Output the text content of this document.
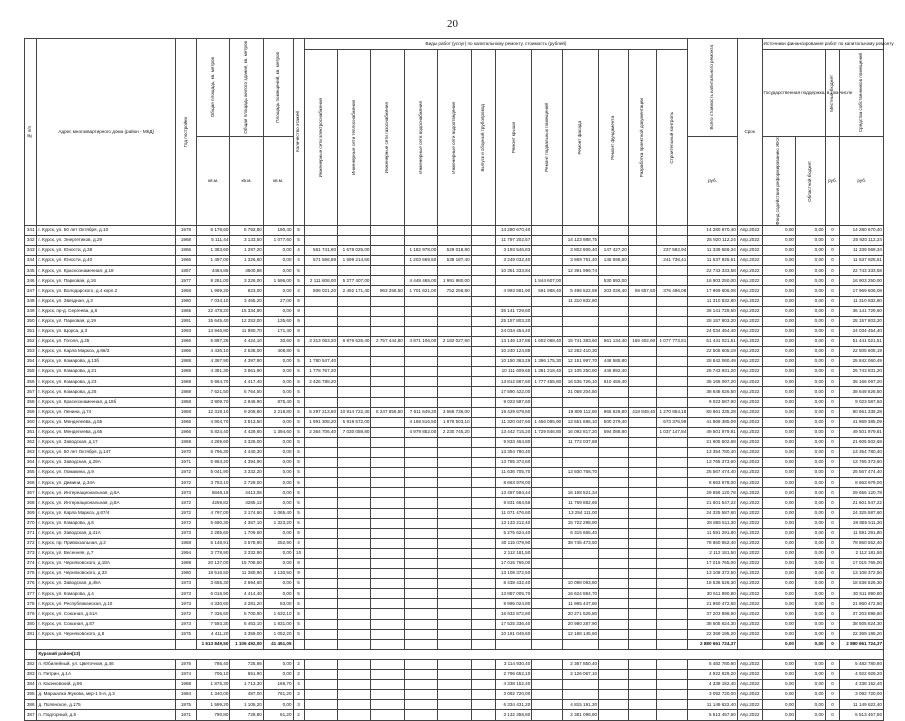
20
№ п/п	Адрес многоквартирного дома (район - МКД)	Год постройки	Общая площадь, кв. метров	Общая площадь жилого здания, кв. метров	Площадь помещений, кв. метров	Количество этажей	Виды работ (услуг) по капитальному ремонту, стоимость (рублей)												Всего стоимость капитального ремонта	Срок	Источники финансирования работ по капитальному ремонту			

							Инженерные сети электроснабжения	Инженерные сети теплоснабжения	Инженерные сети газоснабжения	Инженерные сети водоснабжения	Инженерные сети водоотведения	Выпуск и сборный трубопровод	Ремонт крыши	Ремонт подвальных помещений	Ремонт фасада	Ремонт фундамента	Разработка проектной документации	Строительный контроль			Государственная поддержка, в том числе		Местный бюджет	Средства собственников помещений

			кв.м.	кв.м.	кв.м.														руб.		Фонд содействия реформированию ЖКХ	Областной бюджет	руб.	руб.
341	г. Курск, ул. 50 лет Октября, д.10	1978	6 178,60	5 792,80	190,40	5							14 280 670,40						14 280 670,40	Апр.2022	0,00	0,00	0	14 280 670,40
342	г. Курск, ул. Энергетиков, д.29	1968	5 111,44	3 133,50	1 077,60	5							11 797 202,57		14 123 988,75				25 920 112,24	Апр.2022	0,00	0,00	0	25 920 112,24
343	г. Курск, ул. Юности, д.38	1966	1 383,60	1 297,20	0,00	4	561 741,60	1 678 025,00		1 182 978,00	529 018,80		3 193 546,83		3 802 806,40	147 427,20		237 582,94	11 339 569,34	Апр.2022	0,00	0,00	0	11 339 569,34
344	г. Курск, ул. Юности, д.40	1966	1 497,00	1 326,60	0,00	4	571 566,89	1 699 214,60		1 203 669,50	538 187,40		3 249 032,40		3 869 751,40	145 595,60		241 736,41	11 537 925,61	Апр.2022	0,00	0,00	0	11 537 925,61
345	г. Курск, ул. Краснознаменная, д.18	1957	4484,86	3500,98	0,00	5							10 351 333,84		12 391 999,74				22 743 333,58	Апр.2022	0,00	0,00	0	22 743 333,58
346	г. Курск, ул. Парковая, д.16	1977	8 281,00	3 226,00	1 596,00	5	2 111 606,00	5 277 407,00		4 448 465,00	1 991 980,00			1 544 607,00		530 592,00			16 903 250,00	Апр.2022	0,00	0,00	0	16 903 250,00
347	г. Курск, ул. Володарского, д.4 корп.2	1958	1 999,20	823,00	0,00	4	808 021,20	2 492 171,40	963 256,50	1 701 621,00	752 258,80		4 993 581,90	591 988,40	5 496 522,68	203 036,40	59 657,50	376 496,08	17 969 606,08	Апр.2022	0,00	0,00	0	17 969 606,08
348	г. Курск, ул. Звездная, д.3	1980	7 034,10	3 455,20	27,00	5									11 310 832,80				11 310 832,80	Апр.2022	0,00	0,00	0	11 310 832,80
349	г. Курск, пр-д. Сергеева, д.6	1965	22 478,20	15 334,90	0,00	9							36 141 729,60						36 141 729,60	Апр.2022	0,00	0,00	0	36 141 729,60
350	г. Курск, ул. Парковая, д.19	1991	15 645,40	12 253,00	135,60	9							25 157 803,20						25 157 803,20	Апр.2022	0,00	0,00	0	25 157 803,20
351	г. Курск, ул. Щорса, д.3	1993	14 946,80	11 980,70	171,40	9							24 034 454,40						24 034 454,40	Апр.2022	0,00	0,00	0	24 034 454,40
352	г. Курск, ул. Гоголя, д.25	1966	5 897,26	4 424,10	30,60	5	3 313 063,20	6 876 526,40	2 757 444,80	4 871 106,00	2 182 027,60		13 146 137,86	1 602 068,40	15 741 383,60	561 134,40	156 402,60	1 077 773,51	51 441 021,51	Апр.2022	0,00	0,00	0	51 441 021,51
353	г. Курск, ул. Карла Маркса, д.66/3	1966	4 436,10	2 536,00	408,80	5							10 240 124,88		12 262 410,30				22 505 605,19	Апр.2022	0,00	0,00	0	22 505 605,19
354	г. Курск, ул. Комарова, д.13б	1988	4 397,90	4 397,90	0,00	5	1 780 547,40						10 150 363,29	1 396 175,30	12 151 997,70	448 585,80			25 842 060,49	Апр.2022	0,00	0,00	0	25 842 060,49
355	г. Курск, ул. Комарова, д.21	1988	4 381,30	3 661,90	0,00	5	1 778 767,20						10 111 609,65	1 381 218,40	12 105 250,60	446 892,40			25 743 931,20	Апр.2022	0,00	0,00	0	25 743 931,20
356	г. Курск, ул. Комарова, д.23	1988	5 964,70	4 417,40	0,00	5	2 426 788,20						13 812 687,60	1 777 455,80	16 535 726,10	610 459,40			35 166 097,20	Апр.2022	0,00	0,00	0	35 166 097,20
357	г. Курск, ул. Комарова, д.25	1988	7 621,50	5 764,50	0,00	5							17 590 422,00		21 058 204,50				38 648 626,50	Апр.2022	0,00	0,00	0	38 648 626,50
358	г. Курск, ул. Краснознаменная, д.18б	1968	3 909,70	2 946,90	875,40	5							9 023 587,60						9 023 587,60	Апр.2022	0,00	0,00	0	9 023 587,60
359	г. Курск, ул. Ленина, д.74	1958	12 318,10	9 208,80	2 218,80	5	5 297 213,60	10 914 722,40	5 247 856,50	7 611 649,20	3 666 736,00		19 429 679,50		19 809 112,80	965 528,80	418 849,40	1 270 954,18	80 661 335,28	Апр.2022	0,00	0,00	0	80 661 335,28
360	г. Курск, ул. Менделеева, д.55	1966	4 904,70	3 813,50	0,00	5	1 991 308,20	5 919 572,00		4 168 516,50	1 878 503,10		11 320 047,60	1 456 085,90	13 551 686,10	500 279,40		673 376,99	41 869 385,09	Апр.2022	0,00	0,00	0	41 869 385,09
361	г. Курск, ул. Менделеева, д.65	1966	5 824,40	4 429,60	1 394,60	5	2 364 706,40	7 030 059,80		4 979 852,00	2 230 745,20		13 442 715,20	1 729 846,80	16 092 817,20	594 088,80		1 037 147,84	49 501 979,81	Апр.2022	0,00	0,00	0	49 501 979,81
362	г. Курск, ул. Заводская, д.17	1969	4 269,60	3 326,00	0,00	5							9 833 464,80		11 772 037,88				21 605 502,68	Апр.2022	0,00	0,00	0	21 605 502,68
363	г. Курск, ул. 50 лет Октября, д.147	1970	5 796,30	4 440,30	0,00	5							13 354 780,40						13 354 780,40	Апр.2022	0,00	0,00	0	13 354 780,40
364	г. Курск, ул. Заводская, д.29А	1971	5 964,20	4 394,90	0,00	5							13 765 373,60						13 765 373,60	Апр.2022	0,00	0,00	0	13 765 373,60
365	г. Курск, ул. Ломакина, д.9	1972	5 041,90	3 332,20	0,00	5							11 636 705,70		13 930 768,70				25 567 474,40	Апр.2022	0,00	0,00	0	25 567 474,40
366	г. Курск, ул. Димини, д.34А	1972	3 753,10	2 729,00	0,00	5							8 663 978,00						8 663 978,00	Апр.2022	0,00	0,00	0	8 663 978,00
367	г. Курск, ул. Интернациональная, д.6А	1973	5848,18	4413,08	0,00	5							13 497 594,44		16 158 521,34				29 656 120,78	Апр.2022	0,00	0,00	0	29 656 120,78
368	г. Курск, ул. Интернациональная, д.8А	1972	4259,82	3285,12	0,00	5							9 831 664,56		11 769 882,66				21 601 547,22	Апр.2022	0,00	0,00	0	21 601 547,22
369	г. Курск, ул. Карла Маркса, д.67/4	1972	4 797,00	3 174,60	1 065,40	5							11 071 476,60		13 254 111,00				24 325 587,60	Апр.2022	0,00	0,00	0	24 325 587,60
370	г. Курск, ул. Комарова, д.6	1972	5 690,30	4 367,10	1 323,20	5							13 133 212,40		15 722 298,90				28 855 511,30	Апр.2022	0,00	0,00	0	28 855 511,30
371	г. Курск, ул. Заводская, д.41А	1973	2 285,60	1 709,50	0,00	5							5 275 624,40		6 315 665,40				11 591 291,80	Апр.2022	0,00	0,00	0	11 591 291,80
372	г. Курск, пр. Привокзальная, д.2	1958	5 148,91	3 578,90	252,90	4							40 115 079,90		38 745 473,50				78 860 552,40	Апр.2022	0,00	0,00	0	78 860 552,40
373	г. Курск, ул. Весенняя, д.7	1994	3 778,90	3 332,90	0,00	10							2 112 181,50						2 112 181,50	Апр.2022	0,00	0,00	0	2 112 181,50
374	г. Курск, ул. Черняховского, д.18А	1989	20 137,00	15 708,50	0,00	9							17 015 765,00						17 015 765,00	Апр.2022	0,00	0,00	0	17 015 765,00
375	г. Курск, ул. Черняховского, д.33	1980	18 516,50	11 380,90	4 130,50	9							13 108 372,50						13 108 372,50	Апр.2022	0,00	0,00	0	13 108 372,50
376	г. Курск, ул. Заводская, д.45А	1973	3 655,30	2 694,60	0,00	5							8 438 432,40		10 098 093,80				18 536 526,30	Апр.2022	0,00	0,00	0	18 536 526,30
377	г. Курск, ул. Комарова, д.4	1973	6 016,90	4 414,40	0,00	5							13 887 005,70		16 624 884,70				30 511 890,80	Апр.2022	0,00	0,00	0	30 511 890,80
378	г. Курск, ул. Республиканская, д.10	1973	4 330,60	3 281,20	63,00	5							9 995 024,80		11 965 447,80				21 960 472,60	Апр.2022	0,00	0,00	0	21 960 472,60
379	г. Курск, ул. Союзная, д.51А	1972	7 336,60	5 700,90	1 632,10	5							16 932 872,80		20 271 525,80				37 203 898,60	Апр.2022	0,00	0,00	0	37 203 898,60
380	г. Курск, ул. Союзная, д.57	1973	7 593,30	5 463,10	1 831,00	5							17 525 336,40		20 980 287,90				38 505 624,30	Апр.2022	0,00	0,00	0	38 505 624,30
381	г. Курск, ул. Черняховского, д.8	1975	4 411,20	3 359,00	1 052,20	5							10 181 049,60		12 188 145,60				22 369 195,20	Апр.2022	0,00	0,00	0	22 369 195,20
			1 513 849,50	1 106 492,00	41 451,05														2 880 661 724,37		0,00	0,00	0	2 880 661 724,37
	Курский район(13)																							
382	п. Юбилейный, ул. Цветочная, д.46	1976	786,40	725,66	0,00	2							3 114 930,40		2 367 850,40				5 482 780,80	Апр.2022	0,00	0,00	0	5 482 780,80
383	п. Петрин, д.1А	1974	706,10	651,90	0,00	2							2 796 652,10		2 126 067,10				4 922 929,20	Апр.2022	0,00	0,00	0	4 922 929,20
384	п. Касиновский, д.96	1988	1 875,30	1 713,30	166,70	4							4 338 152,40						4 338 152,40	Апр.2022	0,00	0,00	0	4 338 152,40
385	д. Маршалка Жукова, мкр-1 5-я, д.3	1984	1 340,00	487,00	761,20	2							3 092 720,00						3 092 720,00	Апр.2022	0,00	0,00	0	3 092 720,00
386	д. Полянское, д.175	1975	1 599,20	1 105,20	0,00	3							6 334 431,20		4 815 191,20				11 149 622,40	Апр.2022	0,00	0,00	0	11 149 622,40
387	п. Подгорный, д.6	1971	790,80	728,80	61,20	2							3 132 358,80		2 381 098,80				5 513 457,60	Апр.2022	0,00	0,00	0	5 513 457,60
